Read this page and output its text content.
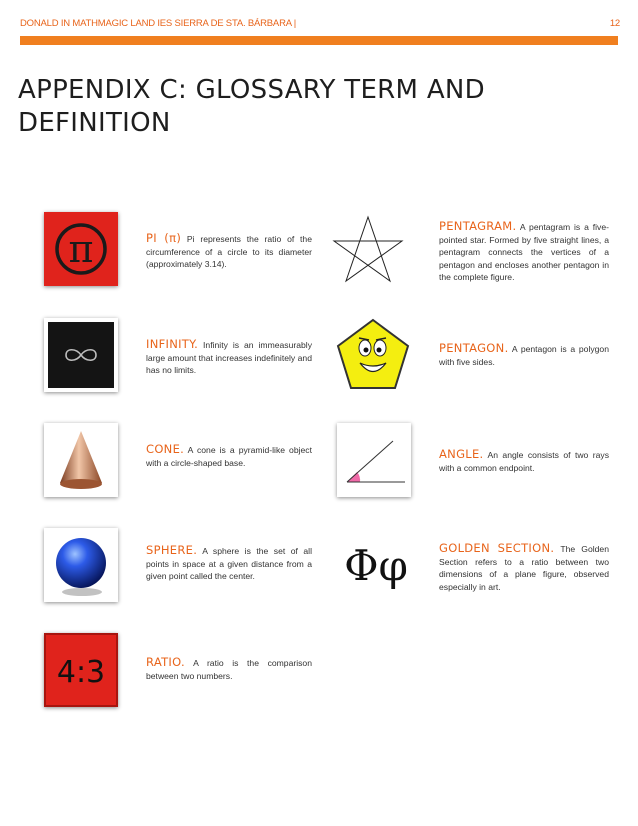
DONALD IN MATHMAGIC LAND IES SIERRA DE STA. BÁRBARA |	12
APPENDIX C: GLOSSARY TERM AND
DEFINITION
π
4:3
PI (π) Pi represents the ratio of the circumference of a circle to its diameter (approximately 3.14).
INFINITY. Infinity is an immeasurably large amount that increases indefinitely and has no limits.
CONE. A cone is a pyramid-like object with a circle-shaped base.
SPHERE. A sphere is the set of all points in space at a given distance from a given point called the center.
RATIO. A ratio is the comparison between two numbers.
Φφ
PENTAGRAM. A pentagram is a five-pointed star. Formed by five straight lines, a pentagram connects the vertices of a pentagon and encloses another pentagon in the complete figure.
PENTAGON. A pentagon is a polygon with five sides.
ANGLE. An angle consists of two rays with a common endpoint.
GOLDEN SECTION. The Golden Section refers to a ratio between two dimensions of a plane figure, observed especially in art.
